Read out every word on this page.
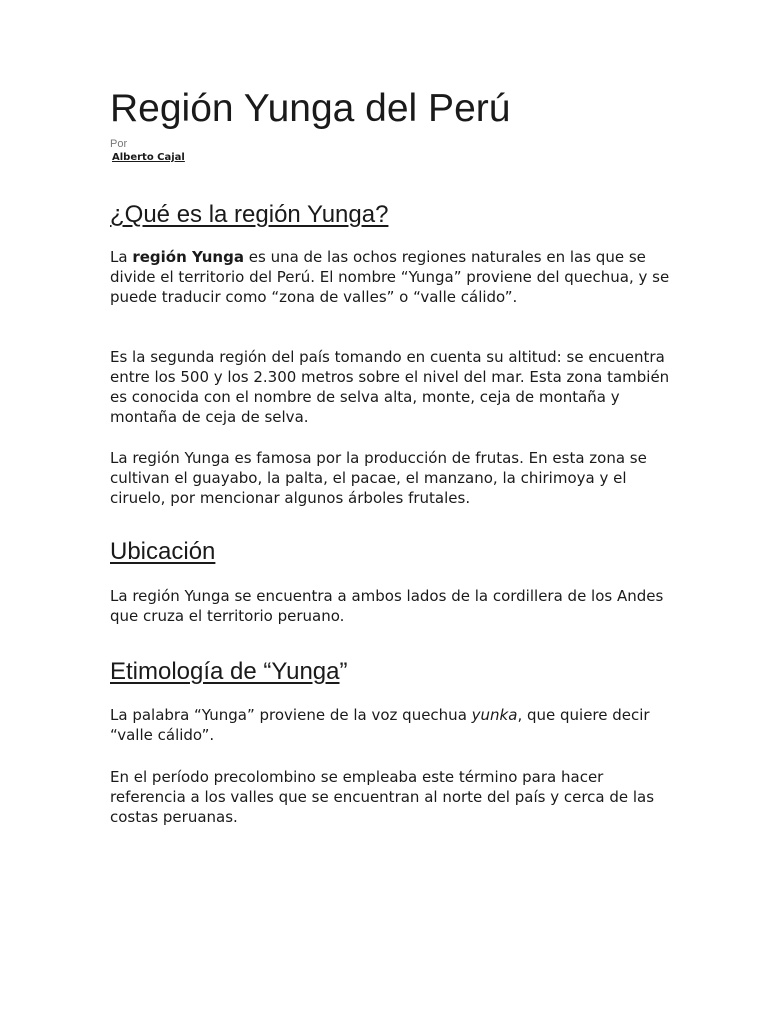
Región Yunga del Perú
Por
Alberto Cajal
¿Qué es la región Yunga?

La región Yunga es una de las ochos regiones naturales en las que se divide el territorio del Perú. El nombre “Yunga” proviene del quechua, y se puede traducir como “zona de valles” o “valle cálido”.

Es la segunda región del país tomando en cuenta su altitud: se encuentra entre los 500 y los 2.300 metros sobre el nivel del mar. Esta zona también es conocida con el nombre de selva alta, monte, ceja de montaña y montaña de ceja de selva.

La región Yunga es famosa por la producción de frutas. En esta zona se cultivan el guayabo, la palta, el pacae, el manzano, la chirimoya y el ciruelo, por mencionar algunos árboles frutales.

Ubicación

La región Yunga se encuentra a ambos lados de la cordillera de los Andes que cruza el territorio peruano.

Etimología de “Yunga”

La palabra “Yunga” proviene de la voz quechua yunka, que quiere decir “valle cálido”.

En el período precolombino se empleaba este término para hacer referencia a los valles que se encuentran al norte del país y cerca de las costas peruanas.
